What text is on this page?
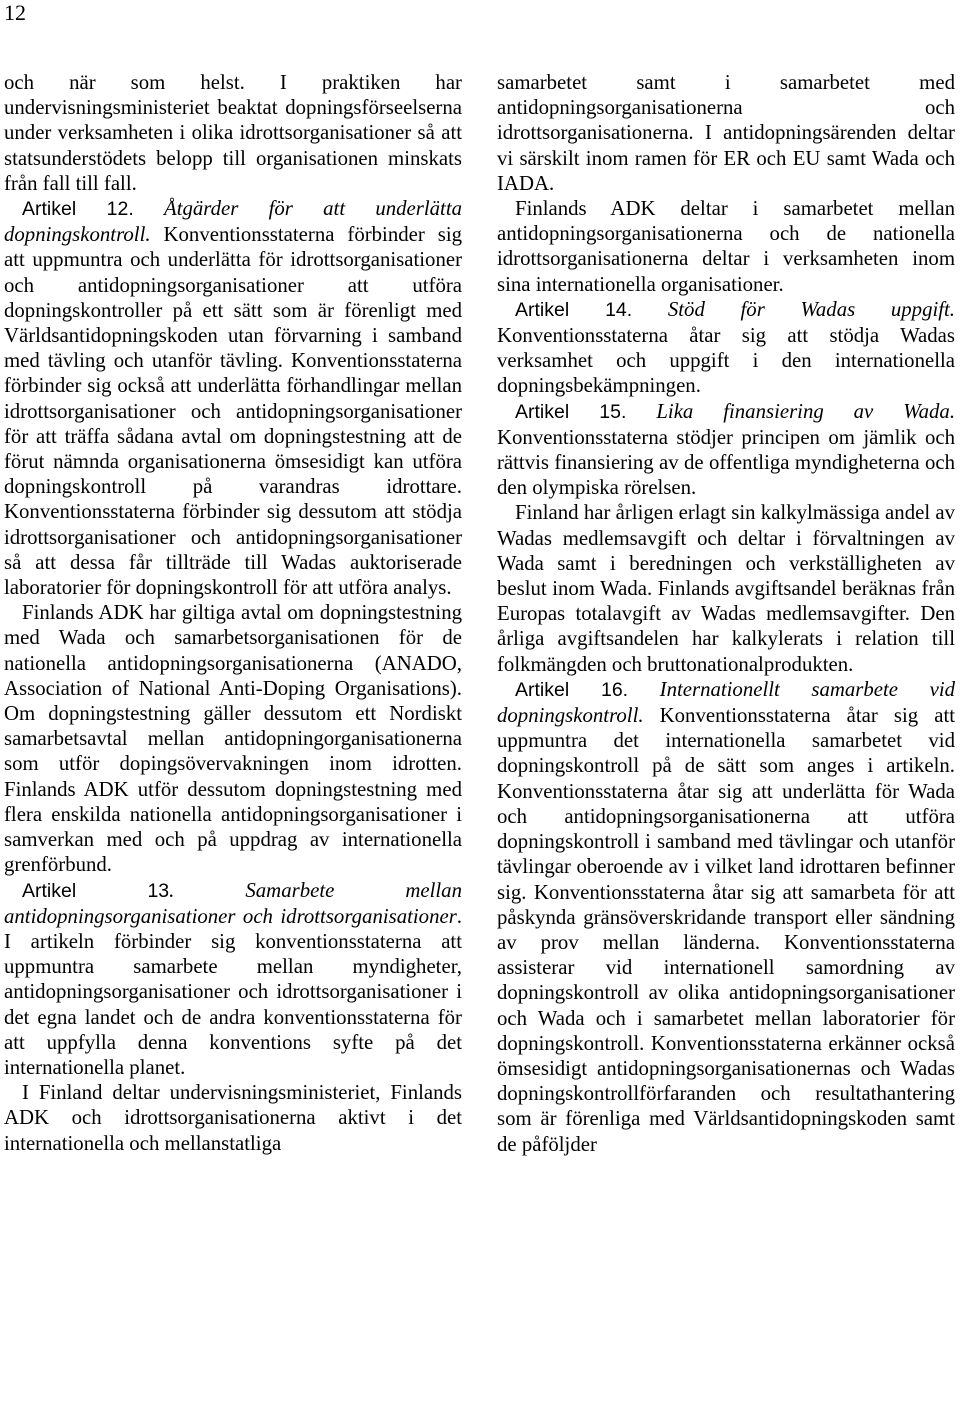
12

och när som helst. I praktiken har undervisningsministeriet beaktat dopningsförseelserna under verksamheten i olika idrottsorganisationer så att statsunderstödets belopp till organisationen minskats från fall till fall.

Artikel 12. Åtgärder för att underlätta dopningskontroll. Konventionsstaterna förbinder sig att uppmuntra och underlätta för idrottsorganisationer och antidopningsorganisationer att utföra dopningskontroller på ett sätt som är förenligt med Världsantidopningskoden utan förvarning i samband med tävling och utanför tävling. Konventionsstaterna förbinder sig också att underlätta förhandlingar mellan idrottsorganisationer och antidopningsorganisationer för att träffa sådana avtal om dopningstestning att de förut nämnda organisationerna ömsesidigt kan utföra dopningskontroll på varandras idrottare. Konventionsstaterna förbinder sig dessutom att stödja idrottsorganisationer och antidopningsorganisationer så att dessa får tillträde till Wadas auktoriserade laboratorier för dopningskontroll för att utföra analys.

Finlands ADK har giltiga avtal om dopningstestning med Wada och samarbetsorganisationen för de nationella antidopningsorganisationerna (ANADO, Association of National Anti-Doping Organisations). Om dopningstestning gäller dessutom ett Nordiskt samarbetsavtal mellan antidopningorganisationerna som utför dopingsövervakningen inom idrotten. Finlands ADK utför dessutom dopningstestning med flera enskilda nationella antidopningsorganisationer i samverkan med och på uppdrag av internationella grenförbund.

Artikel 13. Samarbete mellan antidopningsorganisationer och idrottsorganisationer. I artikeln förbinder sig konventionsstaterna att uppmuntra samarbete mellan myndigheter, antidopningsorganisationer och idrottsorganisationer i det egna landet och de andra konventionsstaterna för att uppfylla denna konventions syfte på det internationella planet.

I Finland deltar undervisningsministeriet, Finlands ADK och idrottsorganisationerna aktivt i det internationella och mellanstatliga

samarbetet samt i samarbetet med antidopningsorganisationerna och idrottsorganisationerna. I antidopningsärenden deltar vi särskilt inom ramen för ER och EU samt Wada och IADA.

Finlands ADK deltar i samarbetet mellan antidopningsorganisationerna och de nationella idrottsorganisationerna deltar i verksamheten inom sina internationella organisationer.

Artikel 14. Stöd för Wadas uppgift. Konventionsstaterna åtar sig att stödja Wadas verksamhet och uppgift i den internationella dopningsbekämpningen.

Artikel 15. Lika finansiering av Wada. Konventionsstaterna stödjer principen om jämlik och rättvis finansiering av de offentliga myndigheterna och den olympiska rörelsen.

Finland har årligen erlagt sin kalkylmässiga andel av Wadas medlemsavgift och deltar i förvaltningen av Wada samt i beredningen och verkställigheten av beslut inom Wada. Finlands avgiftsandel beräknas från Europas totalavgift av Wadas medlemsavgifter. Den årliga avgiftsandelen har kalkylerats i relation till folkmängden och bruttonationalprodukten.

Artikel 16. Internationellt samarbete vid dopningskontroll. Konventionsstaterna åtar sig att uppmuntra det internationella samarbetet vid dopningskontroll på de sätt som anges i artikeln. Konventionsstaterna åtar sig att underlätta för Wada och antidopningsorganisationerna att utföra dopningskontroll i samband med tävlingar och utanför tävlingar oberoende av i vilket land idrottaren befinner sig. Konventionsstaterna åtar sig att samarbeta för att påskynda gränsöverskridande transport eller sändning av prov mellan länderna. Konventionsstaterna assisterar vid internationell samordning av dopningskontroll av olika antidopningsorganisationer och Wada och i samarbetet mellan laboratorier för dopningskontroll. Konventionsstaterna erkänner också ömsesidigt antidopningsorganisationernas och Wadas dopningskontrollförfaranden och resultathantering som är förenliga med Världsantidopningskoden samt de påföljder
